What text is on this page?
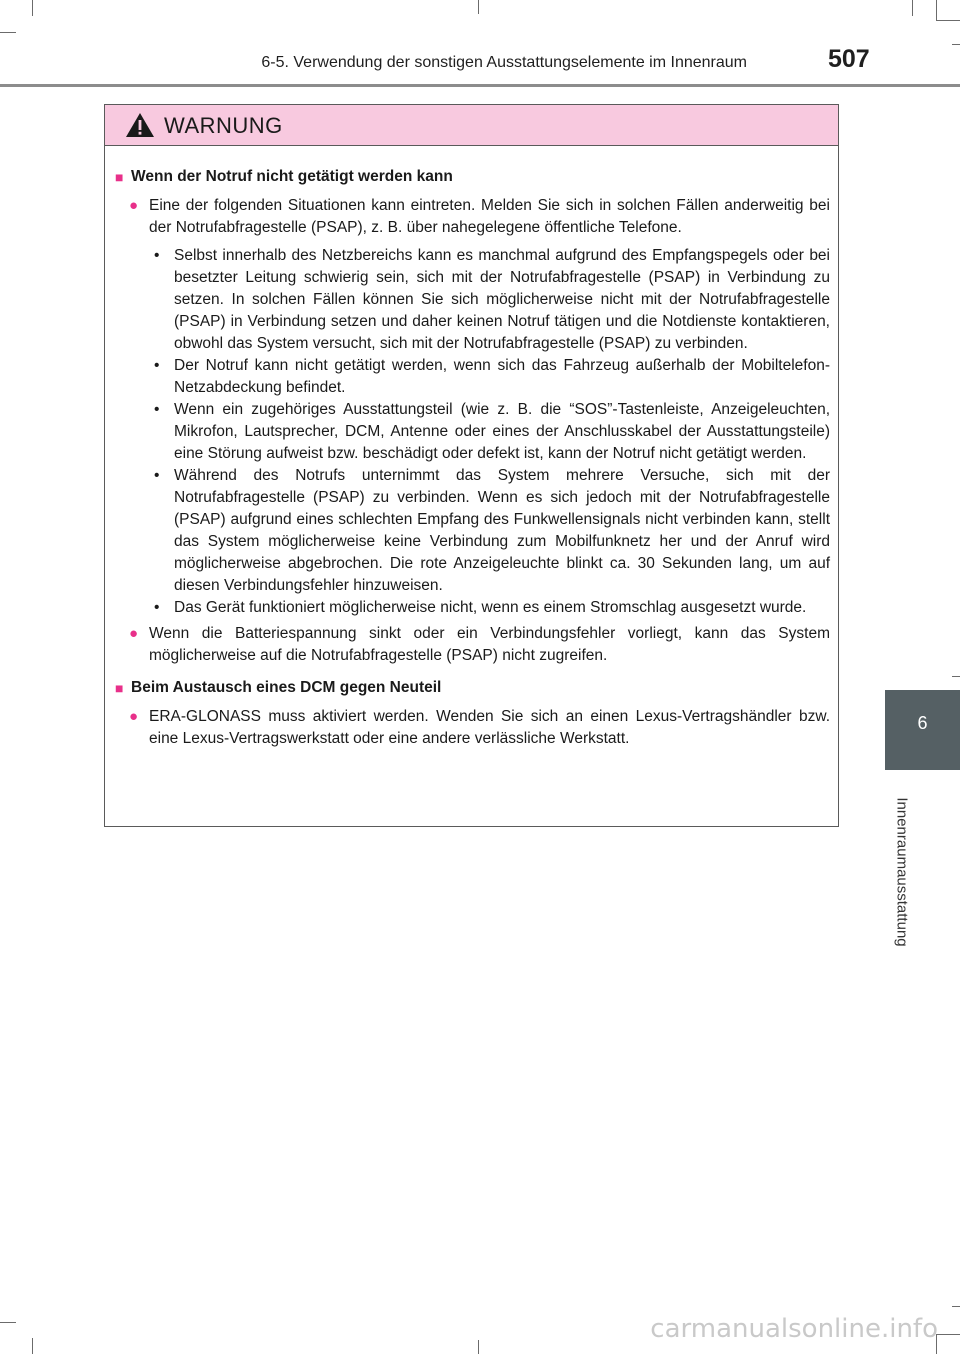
6-5. Verwendung der sonstigen Ausstattungselemente im Innenraum	507
6
Innenraumausstattung
WARNUNG
■ Wenn der Notruf nicht getätigt werden kann
● Eine der folgenden Situationen kann eintreten. Melden Sie sich in solchen Fällen anderweitig bei der Notrufabfragestelle (PSAP), z. B. über nahegelegene öffentliche Telefone.
• Selbst innerhalb des Netzbereichs kann es manchmal aufgrund des Empfangspegels oder bei besetzter Leitung schwierig sein, sich mit der Notrufabfragestelle (PSAP) in Verbindung zu setzen. In solchen Fällen können Sie sich möglicherweise nicht mit der Notrufabfragestelle (PSAP) in Verbindung setzen und daher keinen Notruf tätigen und die Notdienste kontaktieren, obwohl das System versucht, sich mit der Notrufabfragestelle (PSAP) zu verbinden.
• Der Notruf kann nicht getätigt werden, wenn sich das Fahrzeug außerhalb der Mobiltelefon-Netzabdeckung befindet.
• Wenn ein zugehöriges Ausstattungsteil (wie z. B. die “SOS”-Tastenleiste, Anzeigeleuchten, Mikrofon, Lautsprecher, DCM, Antenne oder eines der Anschlusskabel der Ausstattungsteile) eine Störung aufweist bzw. beschädigt oder defekt ist, kann der Notruf nicht getätigt werden.
• Während des Notrufs unternimmt das System mehrere Versuche, sich mit der Notrufabfragestelle (PSAP) zu verbinden. Wenn es sich jedoch mit der Notrufabfragestelle (PSAP) aufgrund eines schlechten Empfang des Funkwellensignals nicht verbinden kann, stellt das System möglicherweise keine Verbindung zum Mobilfunknetz her und der Anruf wird möglicherweise abgebrochen. Die rote Anzeigeleuchte blinkt ca. 30 Sekunden lang, um auf diesen Verbindungsfehler hinzuweisen.
• Das Gerät funktioniert möglicherweise nicht, wenn es einem Stromschlag ausgesetzt wurde.
● Wenn die Batteriespannung sinkt oder ein Verbindungsfehler vorliegt, kann das System möglicherweise auf die Notrufabfragestelle (PSAP) nicht zugreifen.
■ Beim Austausch eines DCM gegen Neuteil
● ERA-GLONASS muss aktiviert werden. Wenden Sie sich an einen Lexus-Vertragshändler bzw. eine Lexus-Vertragswerkstatt oder eine andere verlässliche Werkstatt.
carmanualsonline.info
